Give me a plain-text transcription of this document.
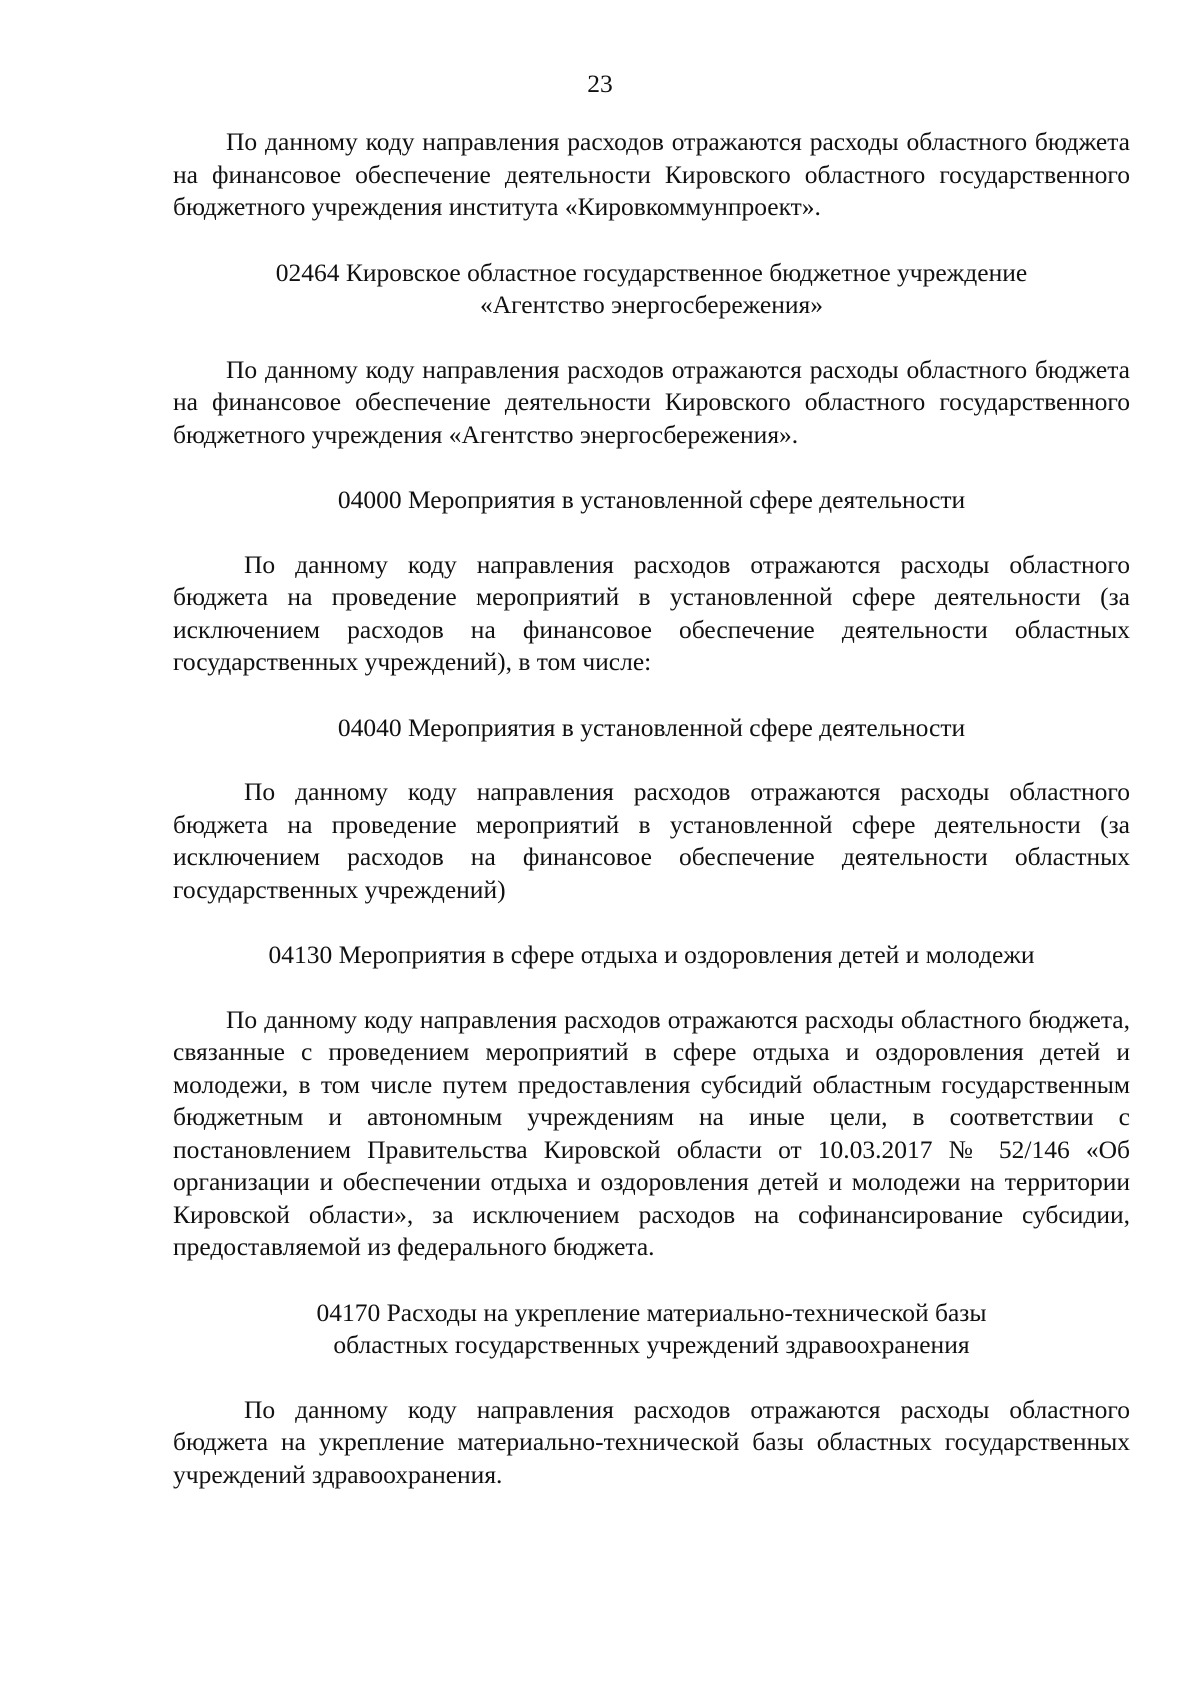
23

По данному коду направления расходов отражаются расходы областного бюджета на финансовое обеспечение деятельности Кировского областного государственного бюджетного учреждения института «Кировкоммунпроект».

02464 Кировское областное государственное бюджетное учреждение
«Агентство энергосбережения»

По данному коду направления расходов отражаются расходы областного бюджета на финансовое обеспечение деятельности Кировского областного государственного бюджетного учреждения «Агентство энергосбережения».

04000 Мероприятия в установленной сфере деятельности

По данному коду направления расходов отражаются расходы областного бюджета на проведение мероприятий в установленной сфере деятельности (за исключением расходов на финансовое обеспечение деятельности областных государственных учреждений), в том числе:

04040 Мероприятия в установленной сфере деятельности

По данному коду направления расходов отражаются расходы областного бюджета на проведение мероприятий в установленной сфере деятельности (за исключением расходов на финансовое обеспечение деятельности областных государственных учреждений)

04130 Мероприятия в сфере отдыха и оздоровления детей и молодежи

По данному коду направления расходов отражаются расходы областного бюджета, связанные с проведением мероприятий в сфере отдыха и оздоровления детей и молодежи, в том числе путем предоставления субсидий областным государственным бюджетным и автономным учреждениям на иные цели, в соответствии с постановлением Правительства Кировской области от 10.03.2017 № 52/146 «Об организации и обеспечении отдыха и оздоровления детей и молодежи на территории Кировской области», за исключением расходов на софинансирование субсидии, предоставляемой из федерального бюджета.

04170 Расходы на укрепление материально-технической базы
областных государственных учреждений здравоохранения

По данному коду направления расходов отражаются расходы областного бюджета на укрепление материально-технической базы областных государственных учреждений здравоохранения.
